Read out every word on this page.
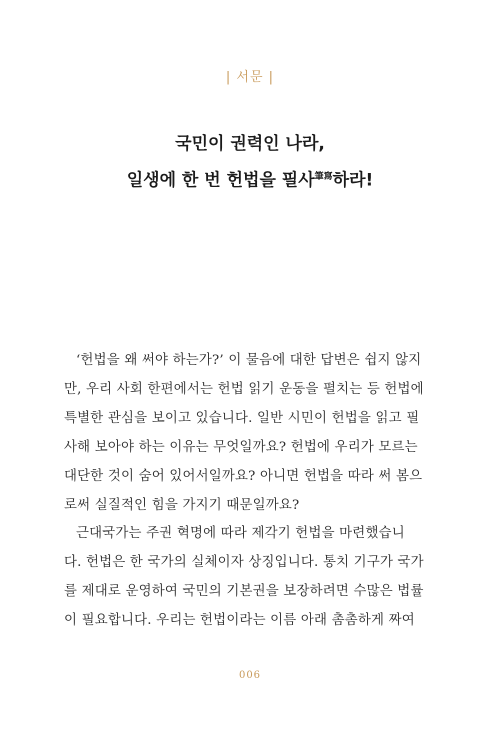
| 서문 |
국민이 권력인 나라,
일생에 한 번 헌법을 필사$^{筆寫}$하라!
‘헌법을 왜 써야 하는가?’ 이 물음에 대한 답변은 쉽지 않지
만, 우리 사회 한편에서는 헌법 읽기 운동을 펼치는 등 헌법에
특별한 관심을 보이고 있습니다. 일반 시민이 헌법을 읽고 필
사해 보아야 하는 이유는 무엇일까요? 헌법에 우리가 모르는
대단한 것이 숨어 있어서일까요? 아니면 헌법을 따라 써 봄으
로써 실질적인 힘을 가지기 때문일까요?
근대국가는 주권 혁명에 따라 제각기 헌법을 마련했습니
다. 헌법은 한 국가의 실체이자 상징입니다. 통치 기구가 국가
를 제대로 운영하여 국민의 기본권을 보장하려면 수많은 법률
이 필요합니다. 우리는 헌법이라는 이름 아래 촘촘하게 짜여
006
